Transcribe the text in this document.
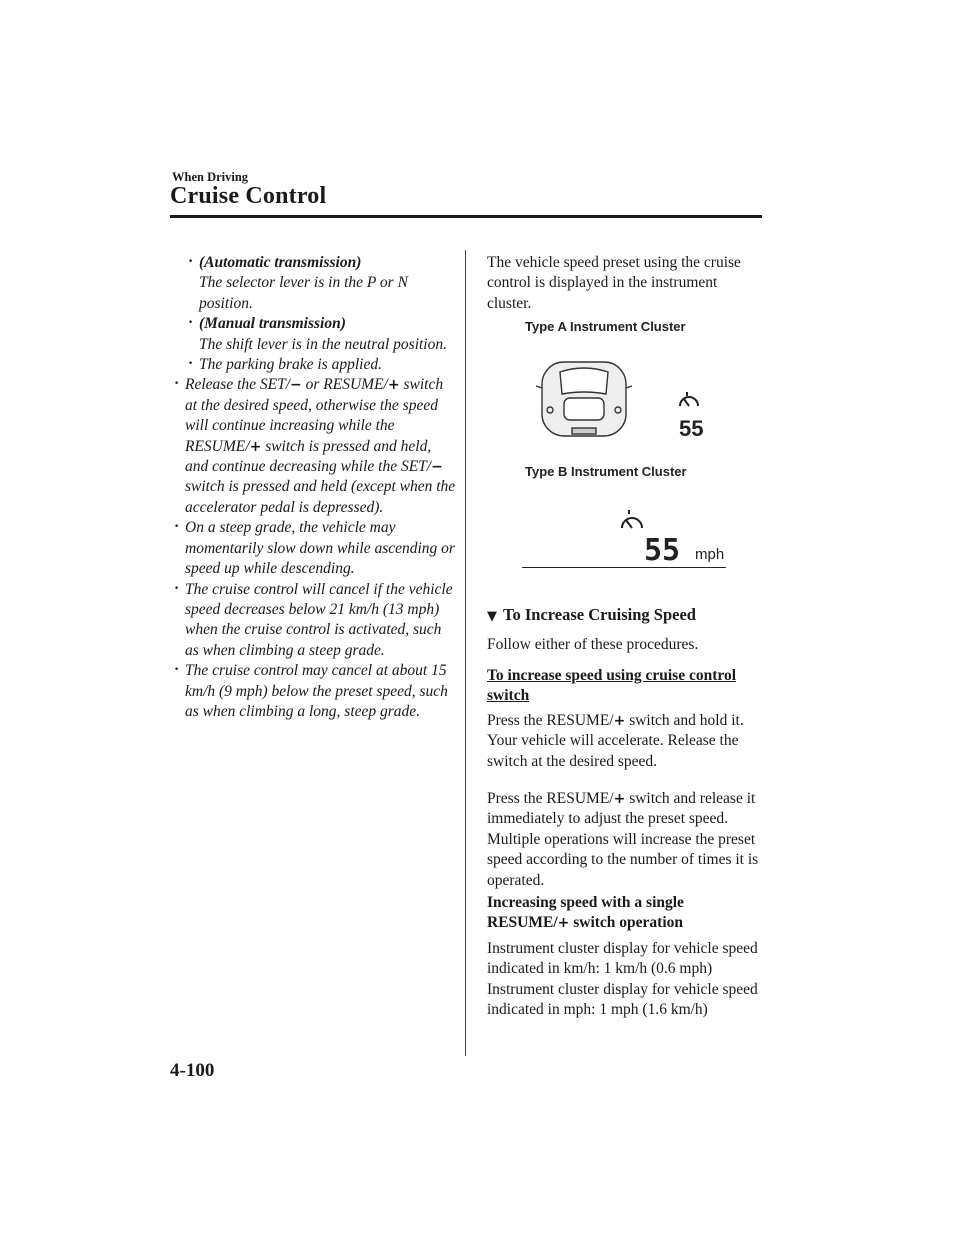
When Driving
Cruise Control

· (Automatic transmission)
The selector lever is in the P or N position.

· (Manual transmission)
The shift lever is in the neutral position.

· The parking brake is applied.

· Release the SET/− or RESUME/+ switch at the desired speed, otherwise the speed will continue increasing while the RESUME/+ switch is pressed and held, and continue decreasing while the SET/− switch is pressed and held (except when the accelerator pedal is depressed).

· On a steep grade, the vehicle may momentarily slow down while ascending or speed up while descending.

· The cruise control will cancel if the vehicle speed decreases below 21 km/h (13 mph) when the cruise control is activated, such as when climbing a steep grade.

· The cruise control may cancel at about 15 km/h (9 mph) below the preset speed, such as when climbing a long, steep grade.

The vehicle speed preset using the cruise control is displayed in the instrument cluster.

Type A Instrument Cluster
55
Type B Instrument Cluster
55 mph
▼ To Increase Cruising Speed
Follow either of these procedures.
To increase speed using cruise control switch
Press the RESUME/+ switch and hold it. Your vehicle will accelerate. Release the switch at the desired speed.
Press the RESUME/+ switch and release it immediately to adjust the preset speed. Multiple operations will increase the preset speed according to the number of times it is operated.
Increasing speed with a single RESUME/+ switch operation
Instrument cluster display for vehicle speed indicated in km/h: 1 km/h (0.6 mph) Instrument cluster display for vehicle speed indicated in mph: 1 mph (1.6 km/h)
4-100
